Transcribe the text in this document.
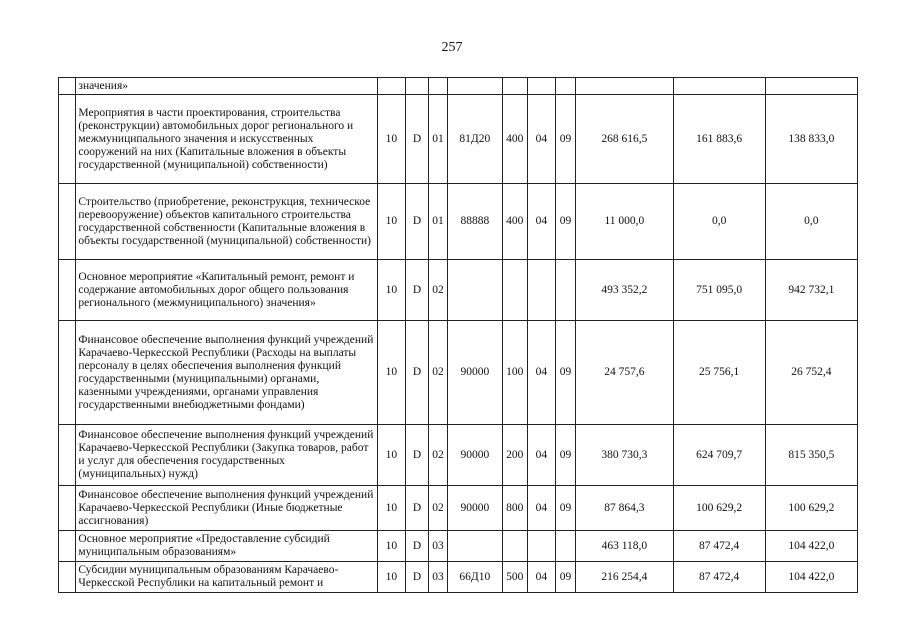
257
	значения»										
	Мероприятия в части проектирования, строительства (реконструкции) автомобильных дорог регионального и межмуниципального значения и искусственных сооружений на них (Капитальные вложения в объекты государственной (муниципальной) собственности)	10	D	01	81Д20	400	04	09	268 616,5	161 883,6	138 833,0
	Строительство (приобретение, реконструкция, техническое перевооружение) объектов капитального строительства государственной собственности (Капитальные вложения в объекты государственной (муниципальной) собственности)	10	D	01	88888	400	04	09	11 000,0	0,0	0,0
	Основное мероприятие «Капитальный ремонт, ремонт и содержание автомобильных дорог общего пользования регионального (межмуниципального) значения»	10	D	02					493 352,2	751 095,0	942 732,1
	Финансовое обеспечение выполнения функций учреждений Карачаево-Черкесской Республики (Расходы на выплаты персоналу в целях обеспечения выполнения функций государственными (муниципальными) органами, казенными учреждениями, органами управления государственными внебюджетными фондами)	10	D	02	90000	100	04	09	24 757,6	25 756,1	26 752,4
	Финансовое обеспечение выполнения функций учреждений Карачаево-Черкесской Республики (Закупка товаров, работ и услуг для обеспечения государственных (муниципальных) нужд)	10	D	02	90000	200	04	09	380 730,3	624 709,7	815 350,5
	Финансовое обеспечение выполнения функций учреждений Карачаево-Черкесской Республики (Иные бюджетные ассигнования)	10	D	02	90000	800	04	09	87 864,3	100 629,2	100 629,2
	Основное мероприятие «Предоставление субсидий муниципальным образованиям»	10	D	03					463 118,0	87 472,4	104 422,0
	Субсидии муниципальным образованиям Карачаево-Черкесской Республики на капитальный ремонт и	10	D	03	66Д10	500	04	09	216 254,4	87 472,4	104 422,0
